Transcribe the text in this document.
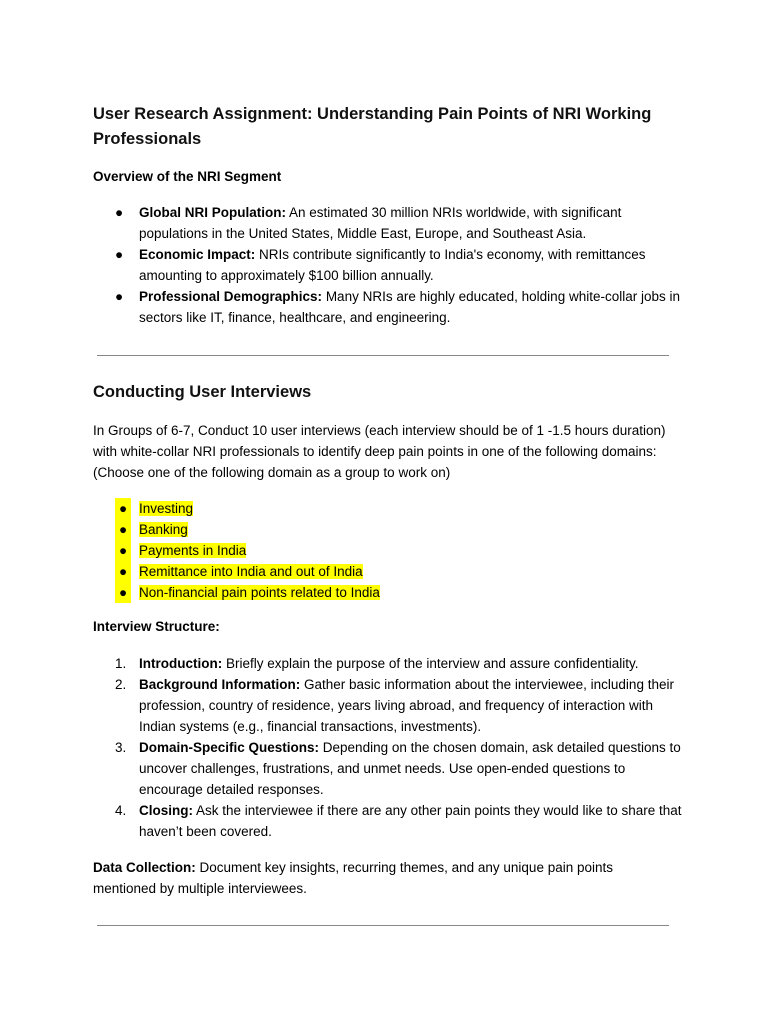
User Research Assignment: Understanding Pain Points of NRI Working Professionals
Overview of the NRI Segment
● Global NRI Population: An estimated 30 million NRIs worldwide, with significant populations in the United States, Middle East, Europe, and Southeast Asia.
● Economic Impact: NRIs contribute significantly to India's economy, with remittances amounting to approximately $100 billion annually.
● Professional Demographics: Many NRIs are highly educated, holding white-collar jobs in sectors like IT, finance, healthcare, and engineering.
Conducting User Interviews

In Groups of 6-7, Conduct 10 user interviews (each interview should be of 1 -1.5 hours duration) with white-collar NRI professionals to identify deep pain points in one of the following domains: (Choose one of the following domain as a group to work on)

● Investing
● Banking
● Payments in India
● Remittance into India and out of India
● Non-financial pain points related to India
Interview Structure:
1. Introduction: Briefly explain the purpose of the interview and assure confidentiality.
2. Background Information: Gather basic information about the interviewee, including their profession, country of residence, years living abroad, and frequency of interaction with Indian systems (e.g., financial transactions, investments).
3. Domain-Specific Questions: Depending on the chosen domain, ask detailed questions to uncover challenges, frustrations, and unmet needs. Use open-ended questions to encourage detailed responses.
4. Closing: Ask the interviewee if there are any other pain points they would like to share that haven’t been covered.

Data Collection: Document key insights, recurring themes, and any unique pain points mentioned by multiple interviewees.
